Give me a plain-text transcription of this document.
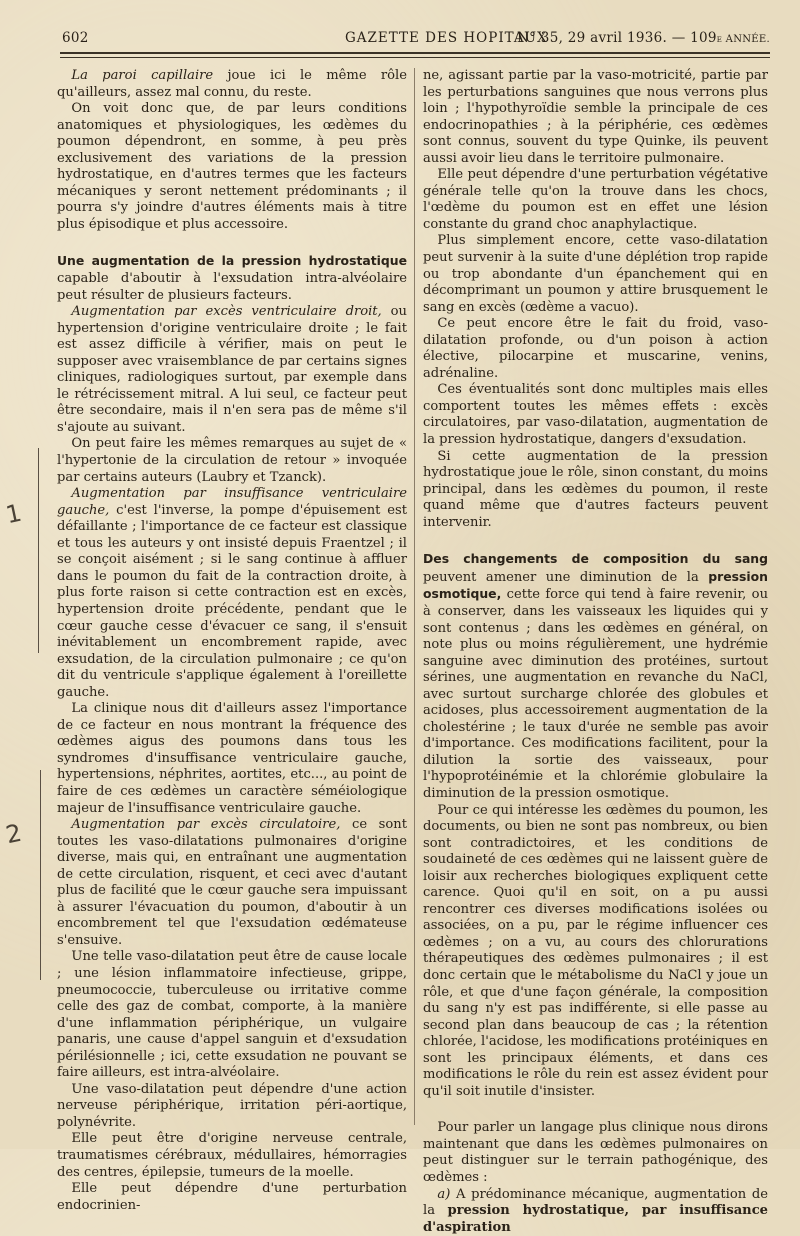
602	GAZETTE DES HOPITAUX
N° 35, 29 avril 1936. — 109e ANNÉE.
1
2

La paroi capillaire joue ici le même rôle qu'ailleurs, assez mal connu, du reste.

On voit donc que, de par leurs conditions anatomiques et physiologiques, les œdèmes du poumon dépendront, en somme, à peu près exclusivement des variations de la pression hydrostatique, en d'autres termes que les facteurs mécaniques y seront nettement prédominants ; il pourra s'y joindre d'autres éléments mais à titre plus épisodique et plus accessoire.

Une augmentation de la pression hydrostatique capable d'aboutir à l'exsudation intra-alvéolaire peut résulter de plusieurs facteurs.

Augmentation par excès ventriculaire droit, ou hypertension d'origine ventriculaire droite ; le fait est assez difficile à vérifier, mais on peut le supposer avec vraisemblance de par certains signes cliniques, radiologiques surtout, par exemple dans le rétrécissement mitral. A lui seul, ce facteur peut être secondaire, mais il n'en sera pas de même s'il s'ajoute au suivant.

On peut faire les mêmes remarques au sujet de « l'hypertonie de la circulation de retour » invoquée par certains auteurs (Laubry et Tzanck).

Augmentation par insuffisance ventriculaire gauche, c'est l'inverse, la pompe d'épuisement est défaillante ; l'importance de ce facteur est classique et tous les auteurs y ont insisté depuis Fraentzel ; il se conçoit aisément ; si le sang continue à affluer dans le poumon du fait de la contraction droite, à plus forte raison si cette contraction est en excès, hypertension droite précédente, pendant que le cœur gauche cesse d'évacuer ce sang, il s'ensuit inévitablement un encombrement rapide, avec exsudation, de la circulation pulmonaire ; ce qu'on dit du ventricule s'applique également à l'oreillette gauche.

La clinique nous dit d'ailleurs assez l'importance de ce facteur en nous montrant la fréquence des œdèmes aigus des poumons dans tous les syndromes d'insuffisance ventriculaire gauche, hypertensions, néphrites, aortites, etc..., au point de faire de ces œdèmes un caractère séméiologique majeur de l'insuffisance ventriculaire gauche.

Augmentation par excès circulatoire, ce sont toutes les vaso-dilatations pulmonaires d'origine diverse, mais qui, en entraînant une augmentation de cette circulation, risquent, et ceci avec d'autant plus de facilité que le cœur gauche sera impuissant à assurer l'évacuation du poumon, d'aboutir à un encombrement tel que l'exsudation œdémateuse s'ensuive.

Une telle vaso-dilatation peut être de cause locale ; une lésion inflammatoire infectieuse, grippe, pneumococcie, tuberculeuse ou irritative comme celle des gaz de combat, comporte, à la manière d'une inflammation périphérique, un vulgaire panaris, une cause d'appel sanguin et d'exsudation périlésionnelle ; ici, cette exsudation ne pouvant se faire ailleurs, est intra-alvéolaire.

Une vaso-dilatation peut dépendre d'une action nerveuse périphérique, irritation péri-aortique, polynévrite.

Elle peut être d'origine nerveuse centrale, traumatismes cérébraux, médullaires, hémorragies des centres, épilepsie, tumeurs de la moelle.

Elle peut dépendre d'une perturbation endocrinien-

ne, agissant partie par la vaso-motricité, partie par les perturbations sanguines que nous verrons plus loin ; l'hypothyroïdie semble la principale de ces endocrinopathies ; à la périphérie, ces œdèmes sont connus, souvent du type Quinke, ils peuvent aussi avoir lieu dans le territoire pulmonaire.

Elle peut dépendre d'une perturbation végétative générale telle qu'on la trouve dans les chocs, l'œdème du poumon est en effet une lésion constante du grand choc anaphylactique.

Plus simplement encore, cette vaso-dilatation peut survenir à la suite d'une déplétion trop rapide ou trop abondante d'un épanchement qui en décomprimant un poumon y attire brusquement le sang en excès (œdème a vacuo).

Ce peut encore être le fait du froid, vaso-dilatation profonde, ou d'un poison à action élective, pilocarpine et muscarine, venins, adrénaline.

Ces éventualités sont donc multiples mais elles comportent toutes les mêmes effets : excès circulatoires, par vaso-dilatation, augmentation de la pression hydrostatique, dangers d'exsudation.

Si cette augmentation de la pression hydrostatique joue le rôle, sinon constant, du moins principal, dans les œdèmes du poumon, il reste quand même que d'autres facteurs peuvent intervenir.

Des changements de composition du sang peuvent amener une diminution de la pression osmotique, cette force qui tend à faire revenir, ou à conserver, dans les vaisseaux les liquides qui y sont contenus ; dans les œdèmes en général, on note plus ou moins régulièrement, une hydrémie sanguine avec diminution des protéines, surtout sérines, une augmentation en revanche du NaCl, avec surtout surcharge chlorée des globules et acidoses, plus accessoirement augmentation de la cholestérine ; le taux d'urée ne semble pas avoir d'importance. Ces modifications facilitent, pour la dilution la sortie des vaisseaux, pour l'hypoprotéinémie et la chlorémie globulaire la diminution de la pression osmotique.

Pour ce qui intéresse les œdèmes du poumon, les documents, ou bien ne sont pas nombreux, ou bien sont contradictoires, et les conditions de soudaineté de ces œdèmes qui ne laissent guère de loisir aux recherches biologiques expliquent cette carence. Quoi qu'il en soit, on a pu aussi rencontrer ces diverses modifications isolées ou associées, on a pu, par le régime influencer ces œdèmes ; on a vu, au cours des chlorurations thérapeutiques des œdèmes pulmonaires ; il est donc certain que le métabolisme du NaCl y joue un rôle, et que d'une façon générale, la composition du sang n'y est pas indifférente, si elle passe au second plan dans beaucoup de cas ; la rétention chlorée, l'acidose, les modifications protéiniques en sont les principaux éléments, et dans ces modifications le rôle du rein est assez évident pour qu'il soit inutile d'insister.

Pour parler un langage plus clinique nous dirons maintenant que dans les œdèmes pulmonaires on peut distinguer sur le terrain pathogénique, des œdèmes :

a) A prédominance mécanique, augmentation de la pression hydrostatique, par insuffisance d'aspiration
